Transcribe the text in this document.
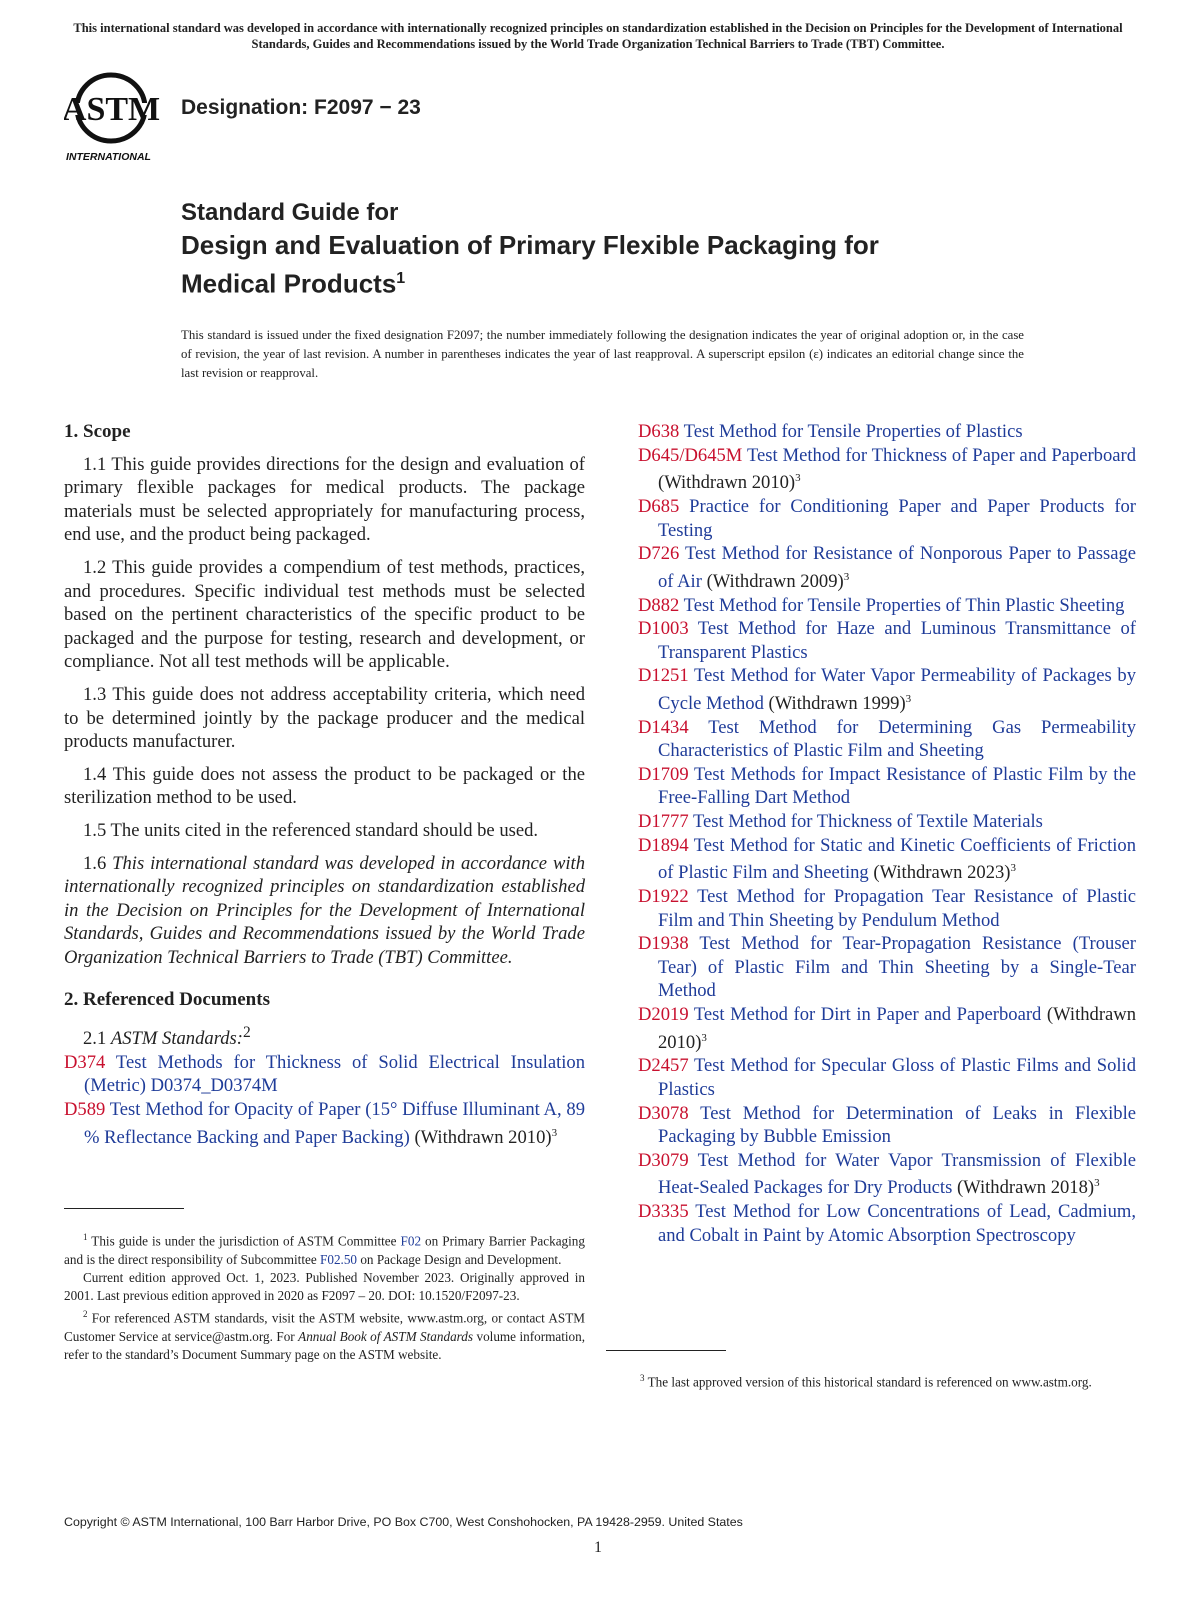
This international standard was developed in accordance with internationally recognized principles on standardization established in the Decision on Principles for the Development of International Standards, Guides and Recommendations issued by the World Trade Organization Technical Barriers to Trade (TBT) Committee.
ASTM
INTERNATIONAL
Designation: F2097 − 23
Standard Guide for
Design and Evaluation of Primary Flexible Packaging for
Medical Products$^1$
This standard is issued under the fixed designation F2097; the number immediately following the designation indicates the year of original adoption or, in the case of revision, the year of last revision. A number in parentheses indicates the year of last reapproval. A superscript epsilon (ε) indicates an editorial change since the last revision or reapproval.
1. Scope

1.1 This guide provides directions for the design and evaluation of primary flexible packages for medical products. The package materials must be selected appropriately for manufacturing process, end use, and the product being packaged.

1.2 This guide provides a compendium of test methods, practices, and procedures. Specific individual test methods must be selected based on the pertinent characteristics of the specific product to be packaged and the purpose for testing, research and development, or compliance. Not all test methods will be applicable.

1.3 This guide does not address acceptability criteria, which need to be determined jointly by the package producer and the medical products manufacturer.

1.4 This guide does not assess the product to be packaged or the sterilization method to be used.

1.5 The units cited in the referenced standard should be used.

1.6 This international standard was developed in accordance with internationally recognized principles on standardization established in the Decision on Principles for the Development of International Standards, Guides and Recommendations issued by the World Trade Organization Technical Barriers to Trade (TBT) Committee.

2. Referenced Documents
2.1 ASTM Standards:$^2$

D374 Test Methods for Thickness of Solid Electrical Insulation (Metric) D0374_D0374M

D589 Test Method for Opacity of Paper (15° Diffuse Illuminant A, 89 % Reflectance Backing and Paper Backing) (Withdrawn 2010)$^3$

D638 Test Method for Tensile Properties of Plastics

D645/D645M Test Method for Thickness of Paper and Paperboard (Withdrawn 2010)$^3$

D685 Practice for Conditioning Paper and Paper Products for Testing

D726 Test Method for Resistance of Nonporous Paper to Passage of Air (Withdrawn 2009)$^3$

D882 Test Method for Tensile Properties of Thin Plastic Sheeting

D1003 Test Method for Haze and Luminous Transmittance of Transparent Plastics

D1251 Test Method for Water Vapor Permeability of Packages by Cycle Method (Withdrawn 1999)$^3$

D1434 Test Method for Determining Gas Permeability Characteristics of Plastic Film and Sheeting

D1709 Test Methods for Impact Resistance of Plastic Film by the Free-Falling Dart Method

D1777 Test Method for Thickness of Textile Materials

D1894 Test Method for Static and Kinetic Coefficients of Friction of Plastic Film and Sheeting (Withdrawn 2023)$^3$

D1922 Test Method for Propagation Tear Resistance of Plastic Film and Thin Sheeting by Pendulum Method

D1938 Test Method for Tear-Propagation Resistance (Trouser Tear) of Plastic Film and Thin Sheeting by a Single-Tear Method

D2019 Test Method for Dirt in Paper and Paperboard (Withdrawn 2010)$^3$

D2457 Test Method for Specular Gloss of Plastic Films and Solid Plastics

D3078 Test Method for Determination of Leaks in Flexible Packaging by Bubble Emission

D3079 Test Method for Water Vapor Transmission of Flexible Heat-Sealed Packages for Dry Products (Withdrawn 2018)$^3$

D3335 Test Method for Low Concentrations of Lead, Cadmium, and Cobalt in Paint by Atomic Absorption Spectroscopy

$^1$ This guide is under the jurisdiction of ASTM Committee F02 on Primary Barrier Packaging and is the direct responsibility of Subcommittee F02.50 on Package Design and Development.

Current edition approved Oct. 1, 2023. Published November 2023. Originally approved in 2001. Last previous edition approved in 2020 as F2097 – 20. DOI: 10.1520/F2097-23.

$^2$ For referenced ASTM standards, visit the ASTM website, www.astm.org, or contact ASTM Customer Service at service@astm.org. For Annual Book of ASTM Standards volume information, refer to the standard’s Document Summary page on the ASTM website.

$^3$ The last approved version of this historical standard is referenced on www.astm.org.

Copyright © ASTM International, 100 Barr Harbor Drive, PO Box C700, West Conshohocken, PA 19428-2959. United States
1
